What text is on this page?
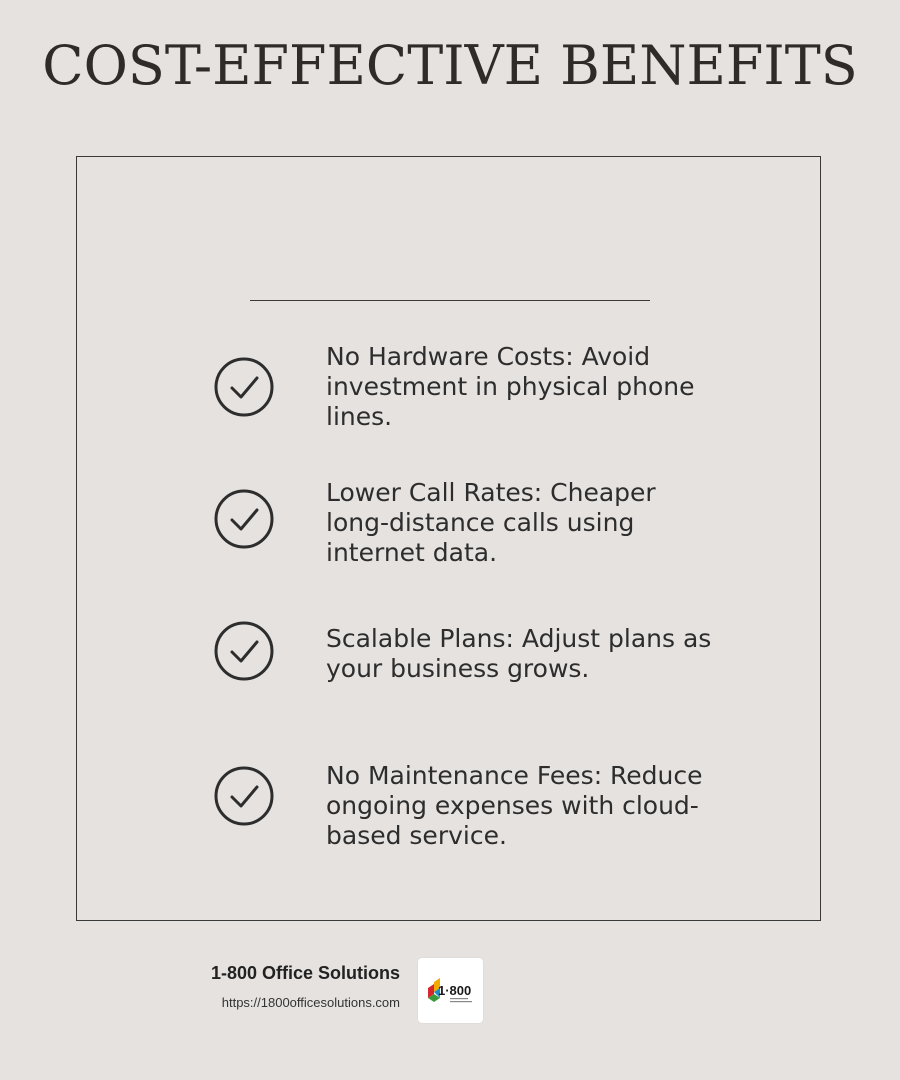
COST-EFFECTIVE BENEFITS

No Hardware Costs: Avoid investment in physical phone lines.

Lower Call Rates: Cheaper long-distance calls using internet data.

Scalable Plans: Adjust plans as your business grows.

No Maintenance Fees: Reduce ongoing expenses with cloud-based service.

1-800 Office Solutions
https://1800officesolutions.com
1·800
